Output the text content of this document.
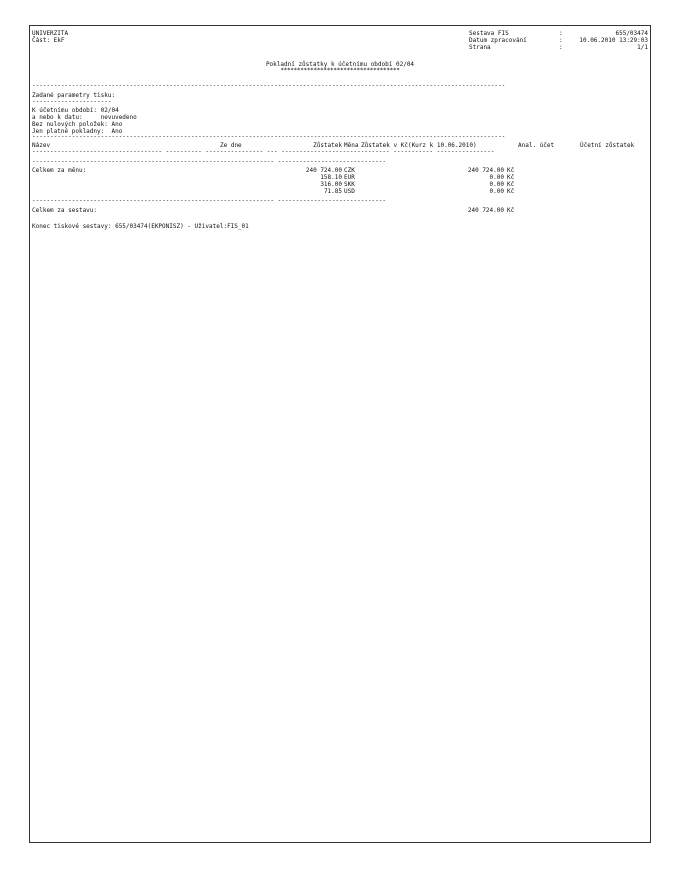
UNIVERZITA
Část: EkF
Sestava FIS	:	655/03474
Datum zpracování	:	10.06.2010 13:29:03
Strana	:	1/1
Pokladní zůstatky k účetnímu období 02/04
************************************
-----------------------------------------------------------------------------------------------------------------------------------
Zadané parametry tisku:
----------------------
K účetnímu období: 02/04
a nebo k datu:     nevuvedeno
Bez nulových položek: Ano
Jen platné pokladny:  Ano
-----------------------------------------------------------------------------------------------------------------------------------
Název	Ze dne	Zůstatek Měna Zůstatek v Kč(Kurz k 10.06.2010)	Anal. účet	Účetní zůstatek
------------------------------------ ---------- ---------------- --- ------------------------------ ----------- ----------------
------------------------------------------------------------------- ------------------------------
Celkem za měnu:	240 724.00 CZK	240 724.00 Kč
158.10 EUR	0.00 Kč
316.00 SKK	0.00 Kč
71.85 USD	0.00 Kč
------------------------------------------------------------------- ------------------------------
Celkem za sestavu:	240 724.00 Kč
Konec tiskové sestavy: 655/03474(EKPONISZ) - Uživatel:FIS_01
